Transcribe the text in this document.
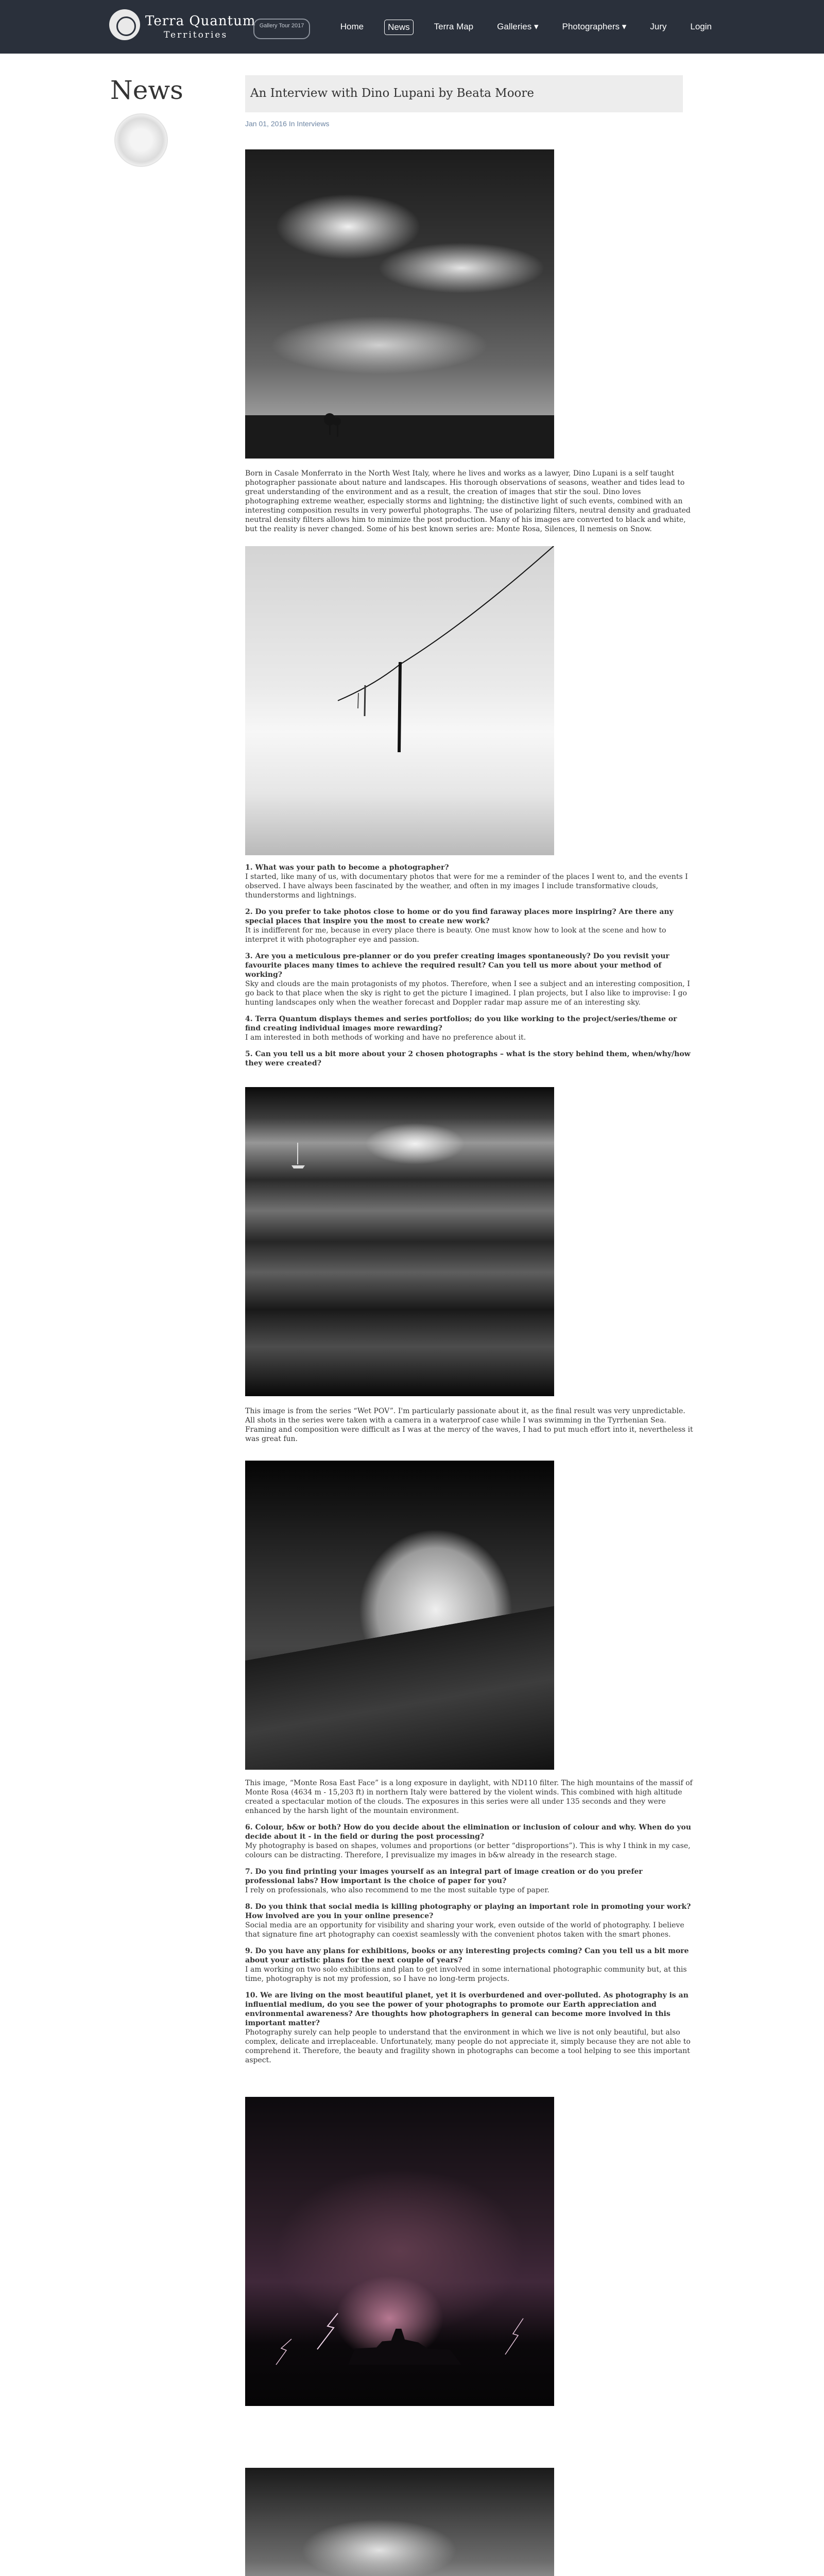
Terra Quantum
Territories
Gallery Tour 2017	Home	News	Terra Map	Galleries ▾	Photographers ▾	Jury	Login
News	An Interview with Dino Lupani by Beata Moore
Jan 01, 2016 In Interviews

Born in Casale Monferrato in the North West Italy, where he lives and works as a lawyer, Dino Lupani is a self taught photographer passionate about nature and landscapes. His thorough observations of seasons, weather and tides lead to great understanding of the environment and as a result, the creation of images that stir the soul. Dino loves photographing extreme weather, especially storms and lightning; the distinctive light of such events, combined with an interesting composition results in very powerful photographs. The use of polarizing filters, neutral density and graduated neutral density filters allows him to minimize the post production. Many of his images are converted to black and white, but the reality is never changed. Some of his best known series are: Monte Rosa, Silences, Il nemesis on Snow.

1. What was your path to become a photographer?

I started, like many of us, with documentary photos that were for me a reminder of the places I went to, and the events I observed. I have always been fascinated by the weather, and often in my images I include transformative clouds, thunderstorms and lightnings.

2. Do you prefer to take photos close to home or do you find faraway places more inspiring? Are there any special places that inspire you the most to create new work?

It is indifferent for me, because in every place there is beauty. One must know how to look at the scene and how to interpret it with photographer eye and passion.

3. Are you a meticulous pre-planner or do you prefer creating images spontaneously? Do you revisit your favourite places many times to achieve the required result? Can you tell us more about your method of working?

Sky and clouds are the main protagonists of my photos. Therefore, when I see a subject and an interesting composition, I go back to that place when the sky is right to get the picture I imagined. I plan projects, but I also like to improvise: I go hunting landscapes only when the weather forecast and Doppler radar map assure me of an interesting sky.

4. Terra Quantum displays themes and series portfolios; do you like working to the project/series/theme or find creating individual images more rewarding?

I am interested in both methods of working and have no preference about it.

5. Can you tell us a bit more about your 2 chosen photographs – what is the story behind them, when/why/how they were created?

This image is from the series “Wet POV”. I'm particularly passionate about it, as the final result was very unpredictable. All shots in the series were taken with a camera in a waterproof case while I was swimming in the Tyrrhenian Sea. Framing and composition were difficult as I was at the mercy of the waves, I had to put much effort into it, nevertheless it was great fun.

This image, “Monte Rosa East Face” is a long exposure in daylight, with ND110 filter. The high mountains of the massif of Monte Rosa (4634 m - 15,203 ft) in northern Italy were battered by the violent winds. This combined with high altitude created a spectacular motion of the clouds. The exposures in this series were all under 135 seconds and they were enhanced by the harsh light of the mountain environment.

6. Colour, b&w or both? How do you decide about the elimination or inclusion of colour and why. When do you decide about it - in the field or during the post processing?

My photography is based on shapes, volumes and proportions (or better “disproportions”). This is why I think in my case, colours can be distracting. Therefore, I previsualize my images in b&w already in the research stage.

7. Do you find printing your images yourself as an integral part of image creation or do you prefer professional labs? How important is the choice of paper for you?

I rely on professionals, who also recommend to me the most suitable type of paper.

8. Do you think that social media is killing photography or playing an important role in promoting your work? How involved are you in your online presence?

Social media are an opportunity for visibility and sharing your work, even outside of the world of photography. I believe that signature fine art photography can coexist seamlessly with the convenient photos taken with the smart phones.

9. Do you have any plans for exhibitions, books or any interesting projects coming? Can you tell us a bit more about your artistic plans for the next couple of years?

I am working on two solo exhibitions and plan to get involved in some international photographic community but, at this time, photography is not my profession, so I have no long-term projects.

10. We are living on the most beautiful planet, yet it is overburdened and over-polluted. As photography is an influential medium, do you see the power of your photographs to promote our Earth appreciation and environmental awareness? Are thoughts how photographers in general can become more involved in this important matter?

Photography surely can help people to understand that the environment in which we live is not only beautiful, but also complex, delicate and irreplaceable. Unfortunately, many people do not appreciate it, simply because they are not able to comprehend it. Therefore, the beauty and fragility shown in photographs can become a tool helping to see this important aspect.
